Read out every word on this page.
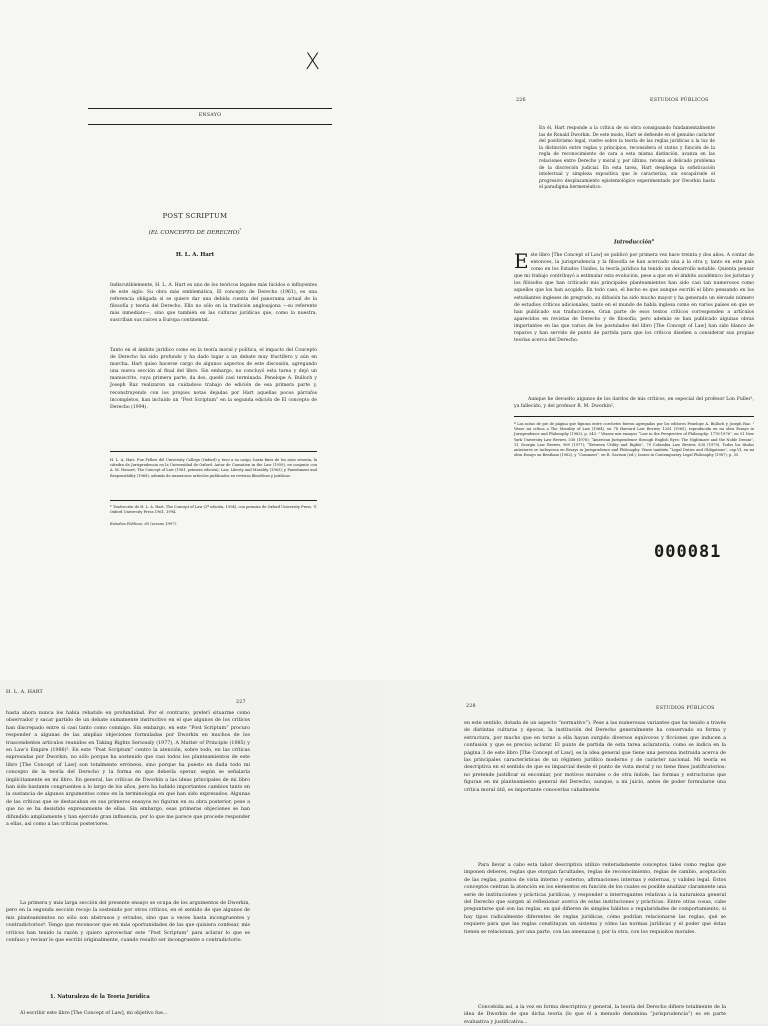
X
ENSAYO
POST SCRIPTUM
(EL CONCEPTO DE DERECHO)*
H. L. A. Hart
Indiscutiblemente, H. L. A. Hart es uno de los teóricos legales más lúcidos e influyentes de este siglo. Su obra más emblemática, El concepto de Derecho (1961), es una referencia obligada si se quiere dar una debida cuenta del panorama actual de la filosofía y teoría del Derecho. Ello no sólo en la tradición anglosajona —su referente más inmediato—, sino que también en las culturas jurídicas que, como la nuestra, suscriban sus raíces a Europa continental.
Tanto en el ámbito jurídico como en la teoría moral y política, el impacto del Concepto de Derecho ha sido profundo y ha dado lugar a un debate muy fructífero y aún en marcha. Hart quiso hacerse cargo de algunos aspectos de este discusión, agregando una nueva sección al final del libro. Sin embargo, no concluyó esta tarea y dejó un manuscrito, cuya primera parte, da dos, quedó casi terminada. Penelope A. Bulloch y Joseph Raz realizaron un cuidadoso trabajo de edición de esa primera parte y, reconstruyendo con los propios notas dejadas por Hart aquellas pocos párrafos incompletos, han incluido un “Post Scriptum” en la segunda edición de El concepto de Derecho (1994).
H. L. A. Hart. Fue Fellow del University College (Oxford) y tuvo a su cargo, hasta fines de los años sesenta, la cátedra de Jurisprudencia en la Universidad de Oxford. Autor de Causation in the Law (1959), en conjunto con A. M. Honoré; The Concept of Law (1961, primera edición); Law, Liberty and Morality (1963); y Punishment and Responsibility (1968), además de numerosos artículos publicados en revistas filosóficas y jurídicas.
* Traducción de H. L. A. Hart, The Concept of Law (2ª edición, 1994), con permiso de Oxford University Press. © Oxford University Press 1961, 1994.
Estudios Públicos, 65 (verano 1997).
226	ESTUDIOS PÚBLICOS
En él, Hart responde a la crítica de su obra consignando fundamentalmente las de Ronald Dworkin. De este modo, Hart se defiende en el genuino carácter del positivismo legal, vuelve sobre la teoría de las reglas jurídicas a la luz de la distinción entre reglas y principios, reconsidera el status y función de la regla de reconocimiento de cara a esta misma distinción, avanza en las relaciones entre Derecho y moral y, por último, retoma el delicado problema de la discreción judicial. En esta tarea, Hart despliega la sofisticación intelectual y simpleza expositiva que lo caracteriza, sin escapársele el progresivo desplazamiento epistemológico experimentado por Dworkin hasta el paradigma hermenéutico.
Introducción$^a$
Este libro [The Concept of Law] se publicó por primera vez hace treinta y dos años. A contar de entonces, la jurisprudencia y la filosofía se han acercado una a la otra y, tanto en este país como en los Estados Unidos, la teoría jurídica ha tenido un desarrollo notable. Quienta pensar que mi trabajo contribuyó a estimular esta evolución, pese a que en el ámbito académico los juristas y los filósofos que han criticado mis principales planteamientos han sido casi tan numerosos como aquellos que los han acogido. En todo caso, el hecho es que aunque escribí el libro pensando en los estudiantes ingleses de pregrado, su difusión ha sido mucho mayor y ha generado un elevado número de estudios críticos adicionales, tanto en el mundo de habla inglesa como en varios países en que se han publicado sus traducciones. Gran parte de esos textos críticos corresponden a artículos aparecidos en revistas de Derecho y de filosofía, pero además se han publicado algunas obras importantes en las que varios de los postulados del libro [The Concept of Law] han sido blanco de reparos y han servido de punto de partida para que los críticos diseñen a considerar sus propias teorías acerca del Derecho.
Aunque he devuelto algunos de los dardos de mis críticos, en especial del profesor Lon Fuller¹, ya fallecido, y del profesor R. M. Dworkin²,
ª Las notas de pie de página que figuran entre corchetes fueron agregadas por los editores Penelope A. Bulloch y Joseph Raz. ¹ Véase mi crítica a The Morality of Law (1964), en 78 Harvard Law Review, 1281 (1965), reproducida en mi obra Essays in Jurisprudence and Philosophy (1983), p. 343. ² Véanse mis ensayos “Law in the Perspective of Philosophy: 1776-1976”, en 51 New York University Law Review, 538 (1976); “American Jurisprudence through English Eyes: The Nightmare and the Noble Dream”, 11 Georgia Law Review, 969 (1977); “Between Utility and Rights”, 79 Columbia Law Review, 828 (1979). Todos los títulos anteriores se incluyeron en Essays in Jurisprudence and Philosophy. Véase también “Legal Duties and Obligations”, cap.VI, en mi obra Essays on Bentham (1982), y “Comment”, en R. Gavison (ed.), Issues in Contemporary Legal Philosophy (1987), p. 35.
000081
H. L. A. HART
227
hasta ahora nunca los había rebatido en profundidad. Por el contrario, preferí situarme como observador y sacar partido de un debate sumamente instructivo en el que algunos de los críticos han discrepado entre sí casi tanto como conmigo. Sin embargo, en este “Post Scriptum” procuro responder a algunas de las amplias objeciones formuladas por Dworkin en muchos de los trascendentes artículos reunidos en Taking Rights Seriously (1977), A Matter of Principle (1985) y en Law’s Empire (1986)³. En este “Post Scriptum” centro la atención, sobre todo, en las críticas expresadas por Dworkin, no sólo porque ha sostenido que casi todos los planteamientos de este libro [The Concept of Law] son totalmente erróneos, sino porque ha puesto en duda todo mi concepto de la teoría del Derecho y la forma en que debería operar, según se señalaría implícitamente en mi libro. En general, las críticas de Dworkin a las ideas principales de mi libro han sido bastante congruentes a lo largo de los años, pero ha habido importantes cambios tanto en la sustancia de algunos argumentos como en la terminología en que han sido expresados. Algunas de las críticas que se destacaban en sus primeros ensayos no figuran en su obra posterior, pese a que no se ha desistido expresamente de ellas. Sin embargo, esas primeras objeciones se han difundido ampliamente y han ejercido gran influencia, por lo que me parece que procede responder a ellas, así como a las críticas posteriores.
La primera y más larga sección del presente ensayo se ocupa de los argumentos de Dworkin, pero en la segunda sección recojo la sostenido por otros críticos, en el sentido de que algunos de mis planteamientos no sólo son abstrusos y errados, sino que a veces hasta incongruentes y contradictorios⁴. Tengo que reconocer que en más oportunidades de las que quisiera confesar, mis críticos han tenido la razón y quiero aprovechar este “Post Scriptum” para aclarar lo que es confuso y revisar lo que escribí originalmente, cuando resultó ser incongruente o contradictorio.
1. Naturaleza de la Teoría Jurídica
Al escribir este libro [The Concept of Law], mi objetivo fue...
228	ESTUDIOS PÚBLICOS
en este sentido, dotada de un aspecto “normativo”). Pese a las numerosas variantes que ha tenido a través de distintas culturas y épocas, la institución del Derecho generalmente ha conservado su forma y estructura, por mucho que en torno a ella hayan surgido diversos equívocos y ficciones que inducen a confusión y que es preciso aclarar. El punto de partida de esta tarea aclaratoria, como se indica en la página 3 de este libro [The Concept of Law], es la idea general que tiene una persona instruida acerca de las principales características de un régimen jurídico moderno y de carácter nacional. Mi teoría es descriptiva en el sentido de que es imparcial desde el punto de vista moral y no tiene fines justificatorios: no pretende justificar ni encomiar, por motivos morales o de otra índole, las formas y estructuras que figuran en mi planteamiento general del Derecho, aunque, a mi juicio, antes de poder formularse una crítica moral útil, es importante conocerlas cabalmente.
Para llevar a cabo esta labor descriptiva utilizo reiteradamente conceptos tales como reglas que imponen deberes, reglas que otorgan facultades, reglas de reconocimiento, reglas de cambio, aceptación de las reglas, puntos de vista interno y externo, afirmaciones internas y externas, y validez legal. Estos conceptos centran la atención en los elementos en función de los cuales es posible analizar claramente una serie de instituciones y prácticas jurídicas, y responder a interrogantes relativas a la naturaleza general del Derecho que surgen al reflexionar acerca de estas instituciones y prácticas. Entre otras cosas, cabe preguntarse qué son las reglas, en qué difieren de simples hábitos o regularidades de comportamiento, si hay tipos radicalmente diferentes de reglas jurídicas, cómo podrían relacionarse las reglas, qué se requiere para que las reglas constituyan un sistema y cómo las normas jurídicas y el poder que éstas tienen se relacionan, por una parte, con las amenazas y, por la otra, con los requisitos morales.
Concebida así, a la vez en forma descriptiva y general, la teoría del Derecho difiere totalmente de la idea de Dworkin de que dicha teoría (lo que él a menudo denomina “jurisprudencia”) es en parte evaluativa y justificativa...
